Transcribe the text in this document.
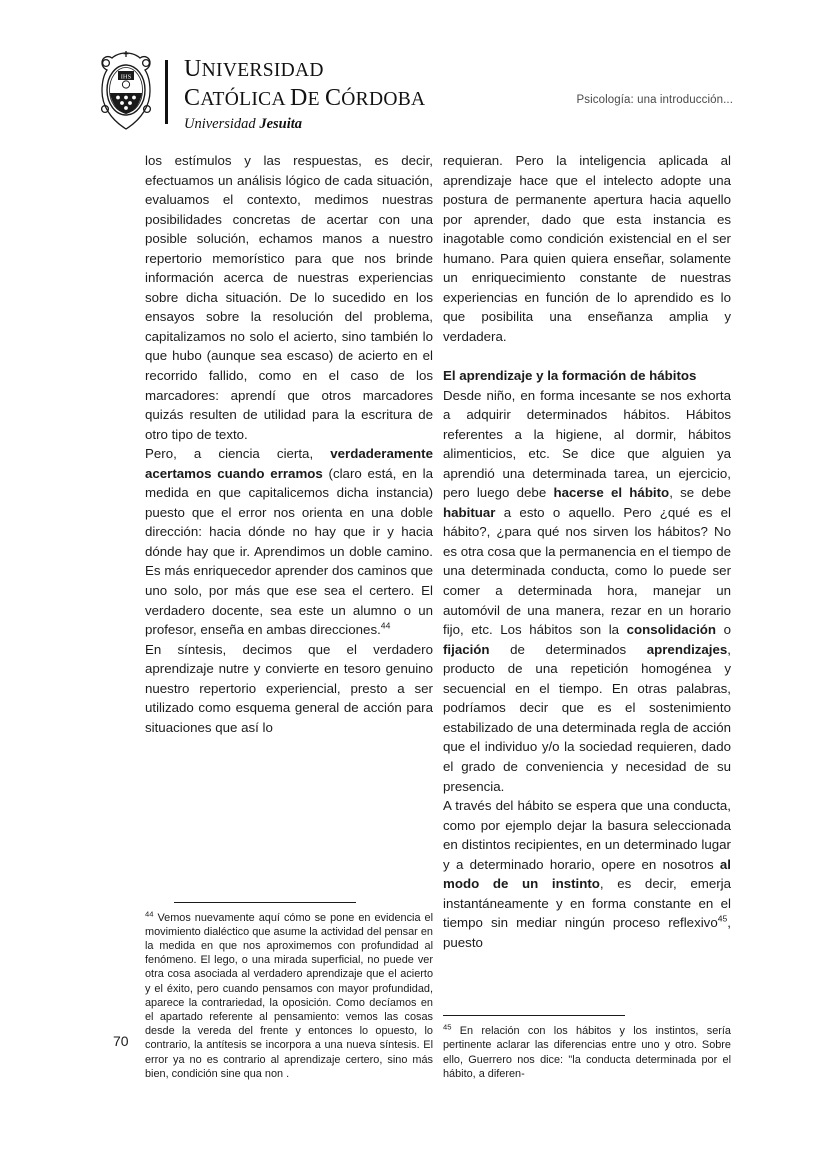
IHS UNIVERSIDAD
CATÓLICA DE CÓRDOBA
Universidad Jesuita
Psicología: una introducción...

los estímulos y las respuestas, es decir, efectuamos un análisis lógico de cada situación, evaluamos el contexto, medimos nuestras posibilidades concretas de acertar con una posible solución, echamos manos a nuestro repertorio memorístico para que nos brinde información acerca de nuestras experiencias sobre dicha situación. De lo sucedido en los ensayos sobre la resolución del problema, capitalizamos no solo el acierto, sino también lo que hubo (aunque sea escaso) de acierto en el recorrido fallido, como en el caso de los marcadores: aprendí que otros marcadores quizás resulten de utilidad para la escritura de otro tipo de texto.

Pero, a ciencia cierta, verdaderamente acertamos cuando erramos (claro está, en la medida en que capitalicemos dicha instancia) puesto que el error nos orienta en una doble dirección: hacia dónde no hay que ir y hacia dónde hay que ir. Aprendimos un doble camino. Es más enriquecedor aprender dos caminos que uno solo, por más que ese sea el certero. El verdadero docente, sea este un alumno o un profesor, enseña en ambas direcciones.$^{44}$

En síntesis, decimos que el verdadero aprendizaje nutre y convierte en tesoro genuino nuestro repertorio experiencial, presto a ser utilizado como esquema general de acción para situaciones que así lo

$^{44}$ Vemos nuevamente aquí cómo se pone en evidencia el movimiento dialéctico que asume la actividad del pensar en la medida en que nos aproximemos con profundidad al fenómeno. El lego, o una mirada superficial, no puede ver otra cosa asociada al verdadero aprendizaje que el acierto y el éxito, pero cuando pensamos con mayor profundidad, aparece la contrariedad, la oposición. Como decíamos en el apartado referente al pensamiento: vemos las cosas desde la vereda del frente y entonces lo opuesto, lo contrario, la antítesis se incorpora a una nueva síntesis. El error ya no es contrario al aprendizaje certero, sino más bien, condición sine qua non .

requieran. Pero la inteligencia aplicada al aprendizaje hace que el intelecto adopte una postura de permanente apertura hacia aquello por aprender, dado que esta instancia es inagotable como condición existencial en el ser humano. Para quien quiera enseñar, solamente un enriquecimiento constante de nuestras experiencias en función de lo aprendido es lo que posibilita una enseñanza amplia y verdadera.

El aprendizaje y la formación de hábitos

Desde niño, en forma incesante se nos exhorta a adquirir determinados hábitos. Hábitos referentes a la higiene, al dormir, hábitos alimenticios, etc. Se dice que alguien ya aprendió una determinada tarea, un ejercicio, pero luego debe hacerse el hábito, se debe habituar a esto o aquello. Pero ¿qué es el hábito?, ¿para qué nos sirven los hábitos? No es otra cosa que la permanencia en el tiempo de una determinada conducta, como lo puede ser comer a determinada hora, manejar un automóvil de una manera, rezar en un horario fijo, etc. Los hábitos son la consolidación o fijación de determinados aprendizajes, producto de una repetición homogénea y secuencial en el tiempo. En otras palabras, podríamos decir que es el sostenimiento estabilizado de una determinada regla de acción que el individuo y/o la sociedad requieren, dado el grado de conveniencia y necesidad de su presencia.

A través del hábito se espera que una conducta, como por ejemplo dejar la basura seleccionada en distintos recipientes, en un determinado lugar y a determinado horario, opere en nosotros al modo de un instinto, es decir, emerja instantáneamente y en forma constante en el tiempo sin mediar ningún proceso reflexivo$^{45}$, puesto

$^{45}$ En relación con los hábitos y los instintos, sería pertinente aclarar las diferencias entre uno y otro. Sobre ello, Guerrero nos dice: "la conducta determinada por el hábito, a diferen-

70
